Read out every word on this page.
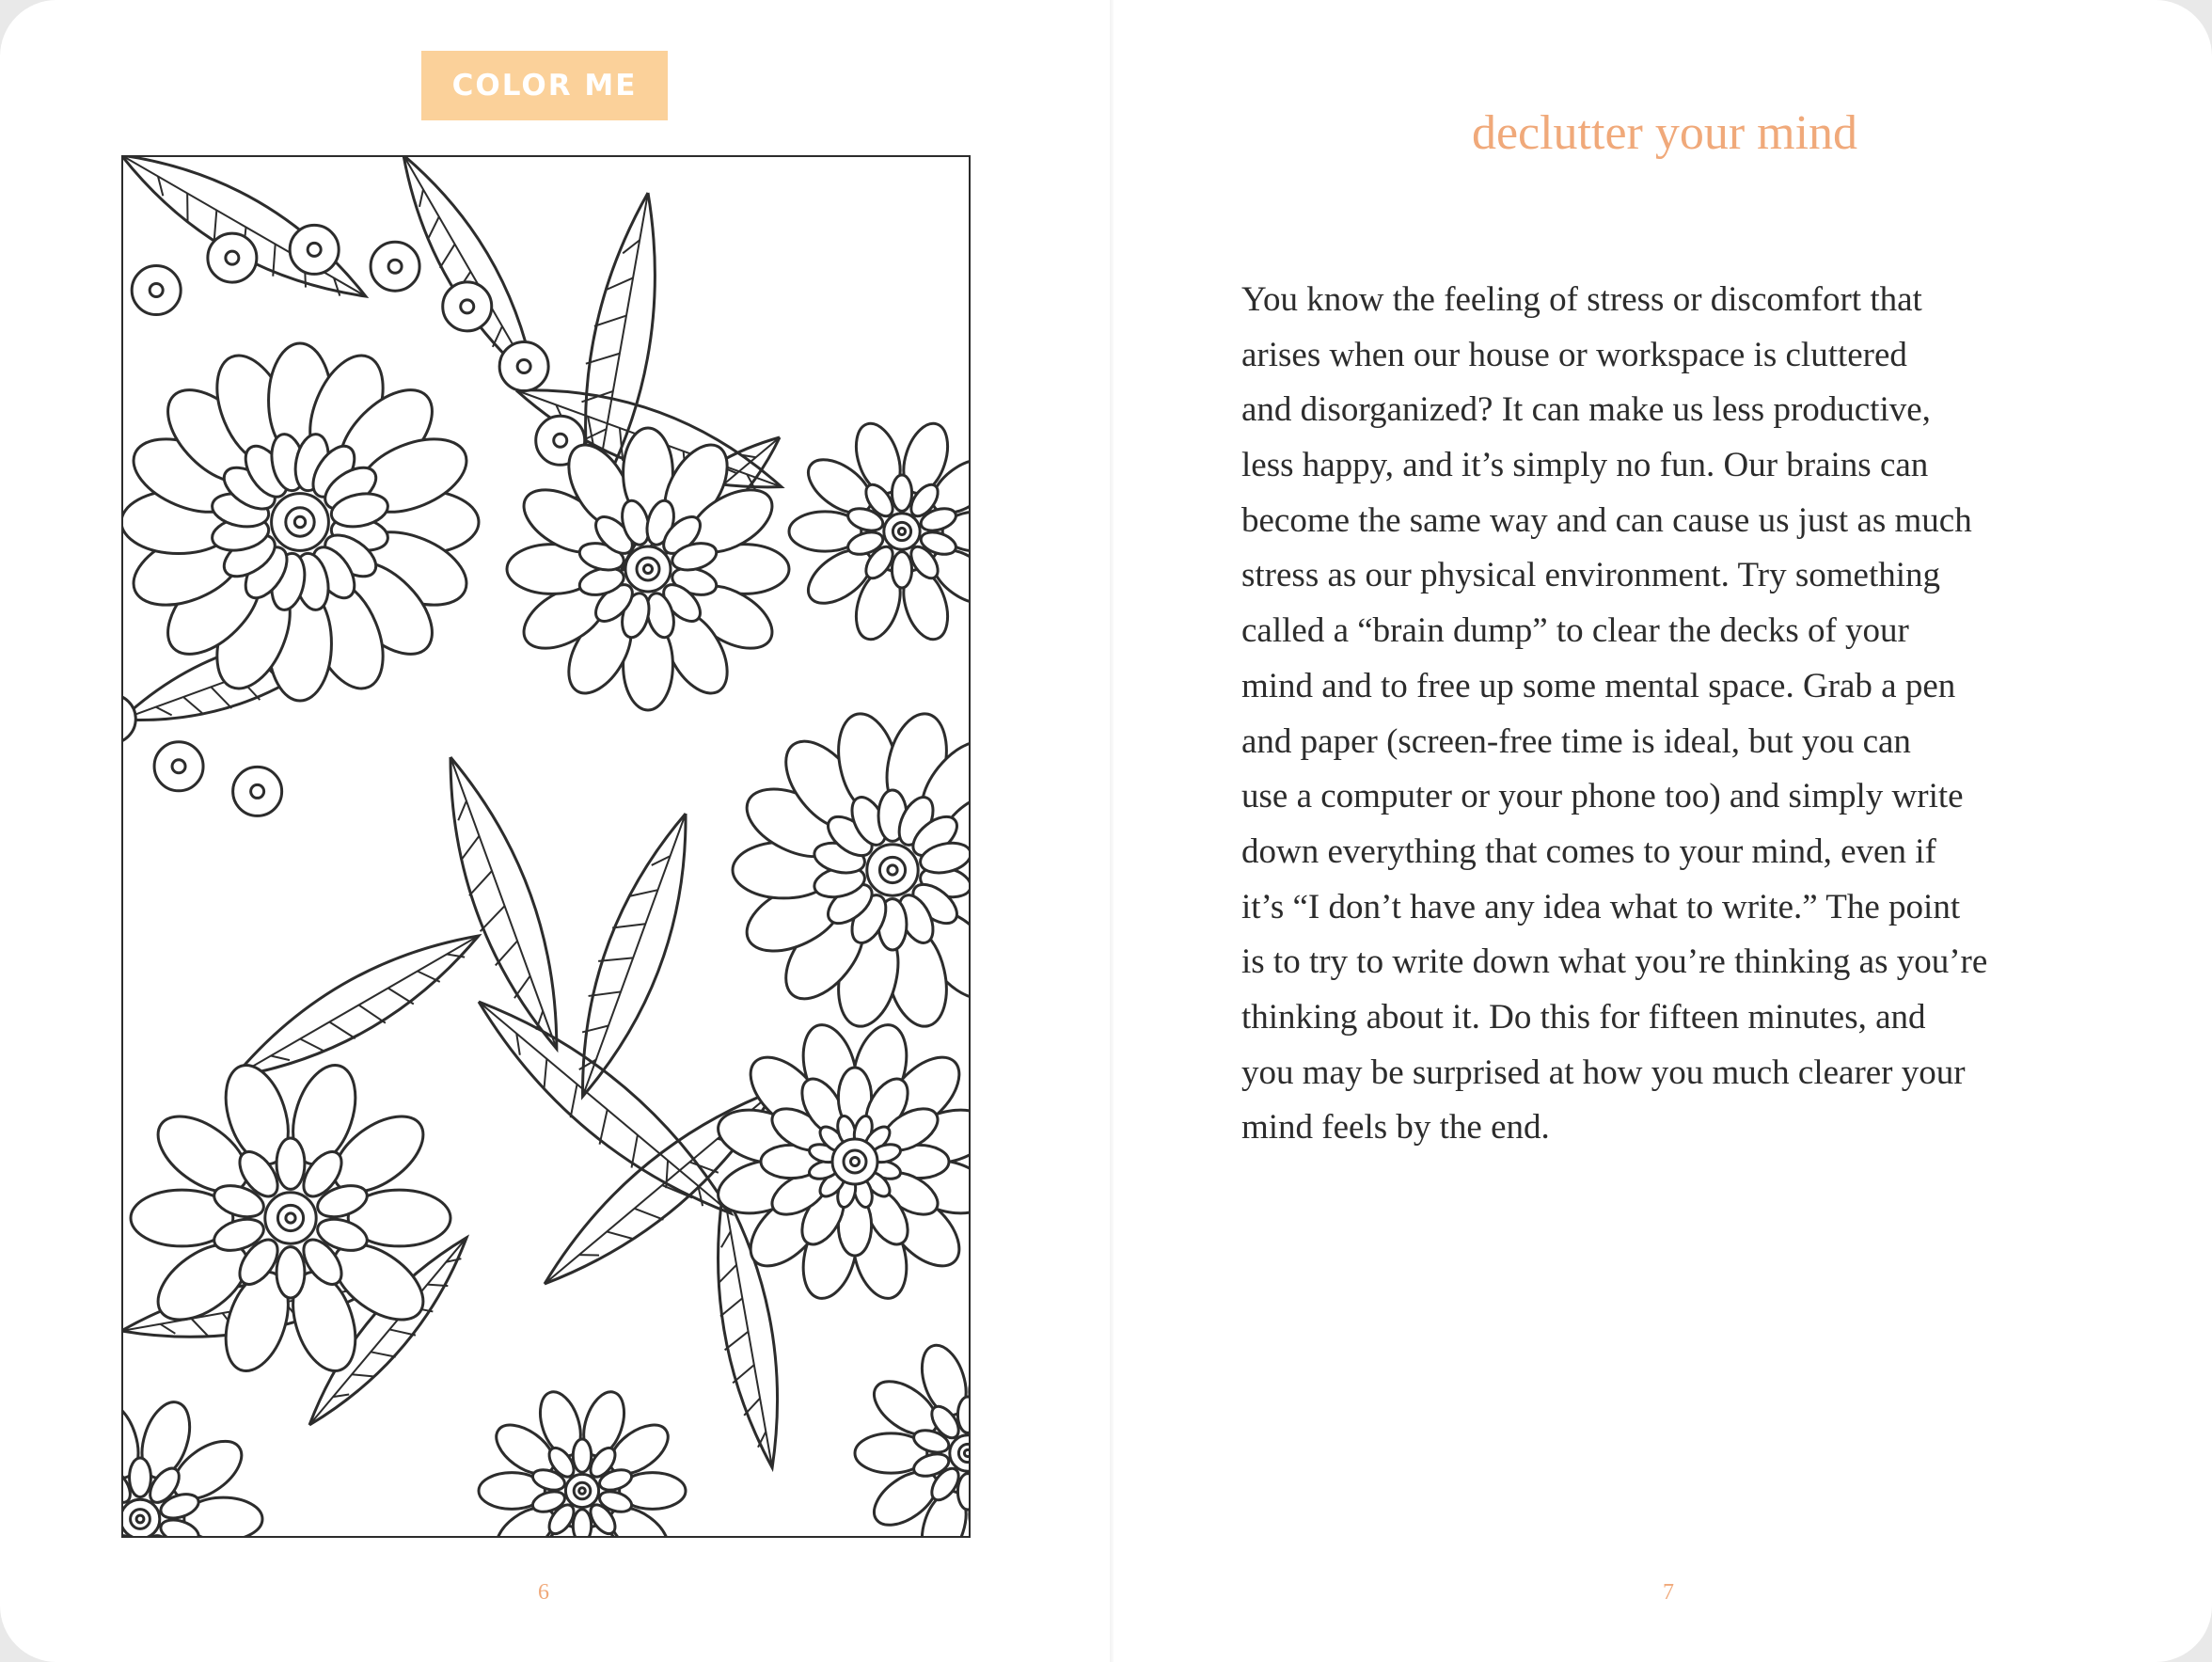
COLOR ME
6
declutter your mind
You know the feeling of stress or discomfort that
arises when our house or workspace is cluttered
and disorganized? It can make us less productive,
less happy, and it’s simply no fun. Our brains can
become the same way and can cause us just as much
stress as our physical environment. Try something
called a “brain dump” to clear the decks of your
mind and to free up some mental space. Grab a pen
and paper (screen-free time is ideal, but you can
use a computer or your phone too) and simply write
down everything that comes to your mind, even if
it’s “I don’t have any idea what to write.” The point
is to try to write down what you’re thinking as you’re
thinking about it. Do this for fifteen minutes, and
you may be surprised at how you much clearer your
mind feels by the end.
7
